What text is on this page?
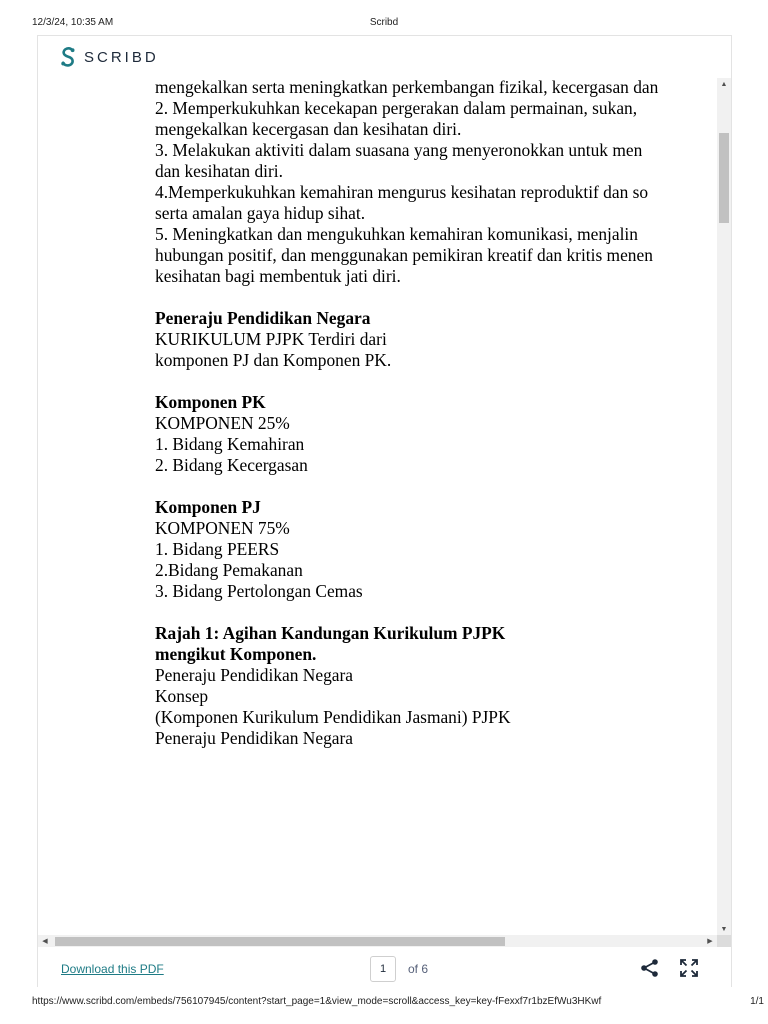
12/3/24, 10:35 AM	Scribd
SCRIBD
mengekalkan serta meningkatkan perkembangan fizikal, kecergasan dan
2. Memperkukuhkan kecekapan pergerakan dalam permainan, sukan,
mengekalkan kecergasan dan kesihatan diri.
3. Melakukan aktiviti dalam suasana yang menyeronokkan untuk men
dan kesihatan diri.
4.Memperkukuhkan kemahiran mengurus kesihatan reproduktif dan so
serta amalan gaya hidup sihat.
5. Meningkatkan dan mengukuhkan kemahiran komunikasi, menjalin
hubungan positif, dan menggunakan pemikiran kreatif dan kritis menen
kesihatan bagi membentuk jati diri.
Peneraju Pendidikan Negara
KURIKULUM PJPK Terdiri dari
komponen PJ dan Komponen PK.
Komponen PK
KOMPONEN 25%
1. Bidang Kemahiran
2. Bidang Kecergasan
Komponen PJ
KOMPONEN 75%
1. Bidang PEERS
2.Bidang Pemakanan
3. Bidang Pertolongan Cemas
Rajah 1: Agihan Kandungan Kurikulum PJPK
mengikut Komponen.
Peneraju Pendidikan Negara
Konsep
(Komponen Kurikulum Pendidikan Jasmani) PJPK
Peneraju Pendidikan Negara
▲
▼
◀	▶
Download this PDF	1	of 6
https://www.scribd.com/embeds/756107945/content?start_page=1&view_mode=scroll&access_key=key-fFexxf7r1bzEfWu3HKwf	1/1
